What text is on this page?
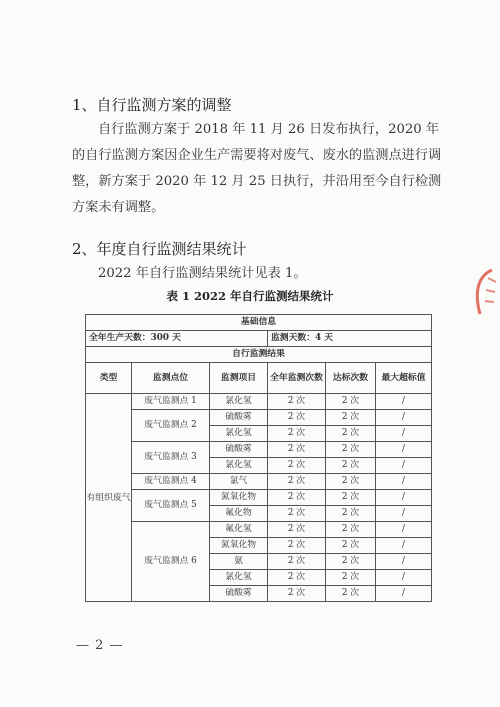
1、自行监测方案的调整
自行监测方案于 2018 年 11 月 26 日发布执行，2020 年的自行监测方案因企业生产需要将对废气、废水的监测点进行调整，新方案于 2020 年 12 月 25 日执行，并沿用至今自行检测方案未有调整。
2、年度自行监测结果统计
2022 年自行监测结果统计见表 1。
表 1 2022 年自行监测结果统计
基础信息					
全年生产天数：300 天			监测天数：4 天		
自行监测结果					
类型	监测点位	监测项目	全年监测次数	达标次数	最大超标值
有组织废气	废气监测点 1	氯化氢	2 次	2 次	/
	废气监测点 2	硫酸雾	2 次	2 次	/
		氯化氢	2 次	2 次	/
	废气监测点 3	硫酸雾	2 次	2 次	/
		氯化氢	2 次	2 次	/
	废气监测点 4	氯气	2 次	2 次	/
	废气监测点 5	氮氧化物	2 次	2 次	/
		氟化物	2 次	2 次	/
	废气监测点 6	氟化氢	2 次	2 次	/
		氮氧化物	2 次	2 次	/
		氨	2 次	2 次	/
		氯化氢	2 次	2 次	/
		硫酸雾	2 次	2 次	/
— 2 —
